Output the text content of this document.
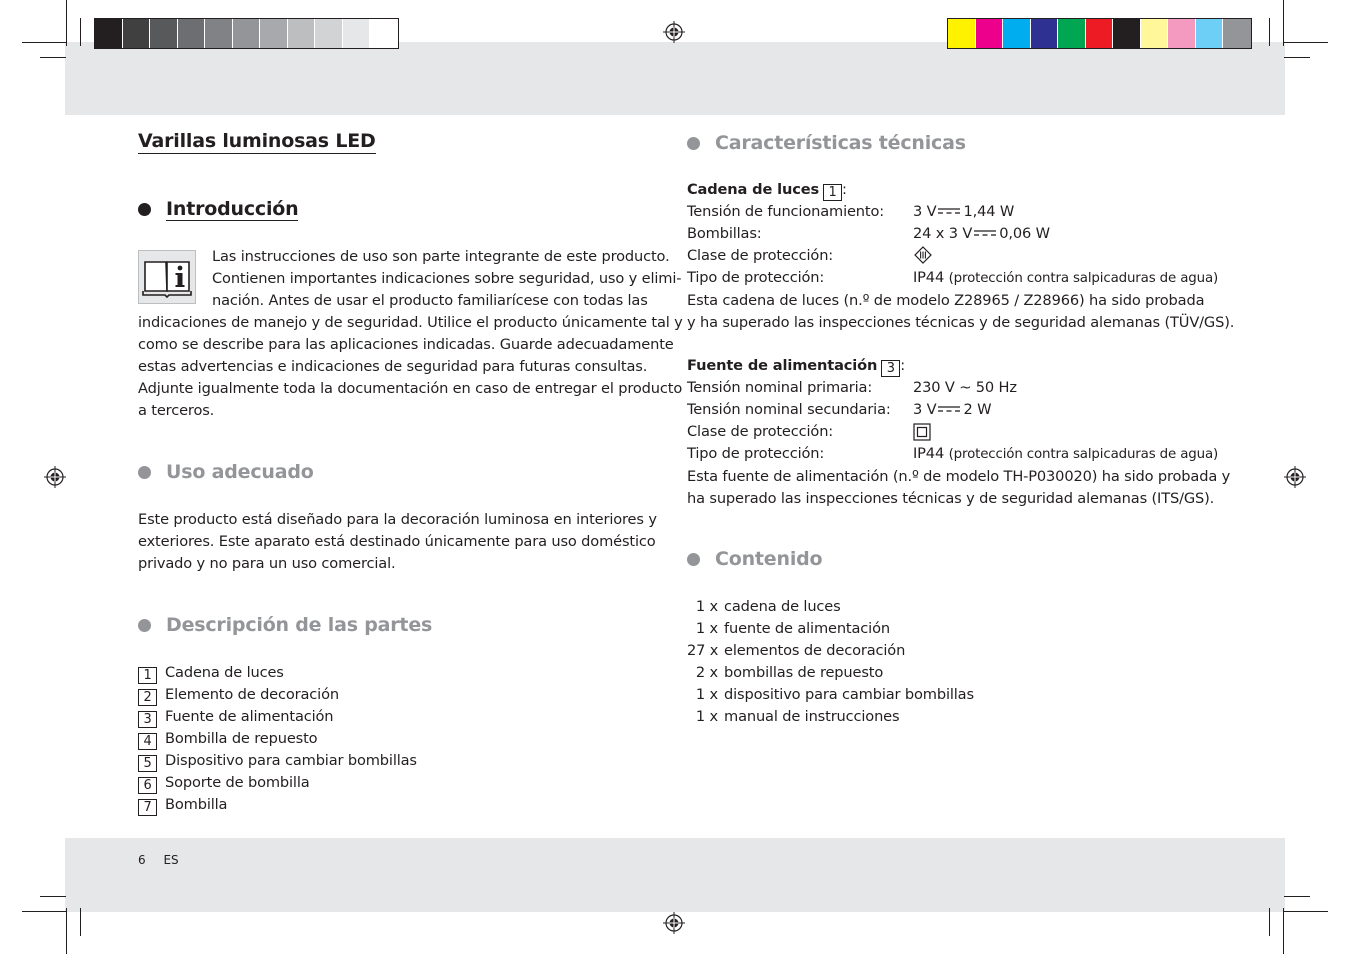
Varillas luminosas LED
Introducción
Las instrucciones de uso son parte integrante de este producto.
Contienen importantes indicaciones sobre seguridad, uso y elimi-
nación. Antes de usar el producto familiarícese con todas las
indicaciones de manejo y de seguridad. Utilice el producto únicamente tal y
como se describe para las aplicaciones indicadas. Guarde adecuadamente
estas advertencias e indicaciones de seguridad para futuras consultas.
Adjunte igualmente toda la documentación en caso de entregar el producto
a terceros.
Uso adecuado
Este producto está diseñado para la decoración luminosa en interiores y
exteriores. Este aparato está destinado únicamente para uso doméstico
privado y no para un uso comercial.
Descripción de las partes
1 Cadena de luces
2 Elemento de decoración
3 Fuente de alimentación
4 Bombilla de repuesto
5 Dispositivo para cambiar bombillas
6 Soporte de bombilla
7 Bombilla
Características técnicas
Cadena de luces 1 :
Tensión de funcionamiento:	3 V 1,44 W
Bombillas:	24 x 3 V 0,06 W
Clase de protección:
Tipo de protección:	IP44 (protección contra salpicaduras de agua)
Esta cadena de luces (n.º de modelo Z28965 / Z28966) ha sido probada
y ha superado las inspecciones técnicas y de seguridad alemanas (TÜV/GS).
Fuente de alimentación 3 :
Tensión nominal primaria:	230 V ~ 50 Hz
Tensión nominal secundaria:	3 V 2 W
Clase de protección:
Tipo de protección:	IP44 (protección contra salpicaduras de agua)
Esta fuente de alimentación (n.º de modelo TH-P030020) ha sido probada y
ha superado las inspecciones técnicas y de seguridad alemanas (ITS/GS).
Contenido
1 x cadena de luces
1 x fuente de alimentación
27 x elementos de decoración
2 x bombillas de repuesto
1 x dispositivo para cambiar bombillas
1 x manual de instrucciones
6 ES
